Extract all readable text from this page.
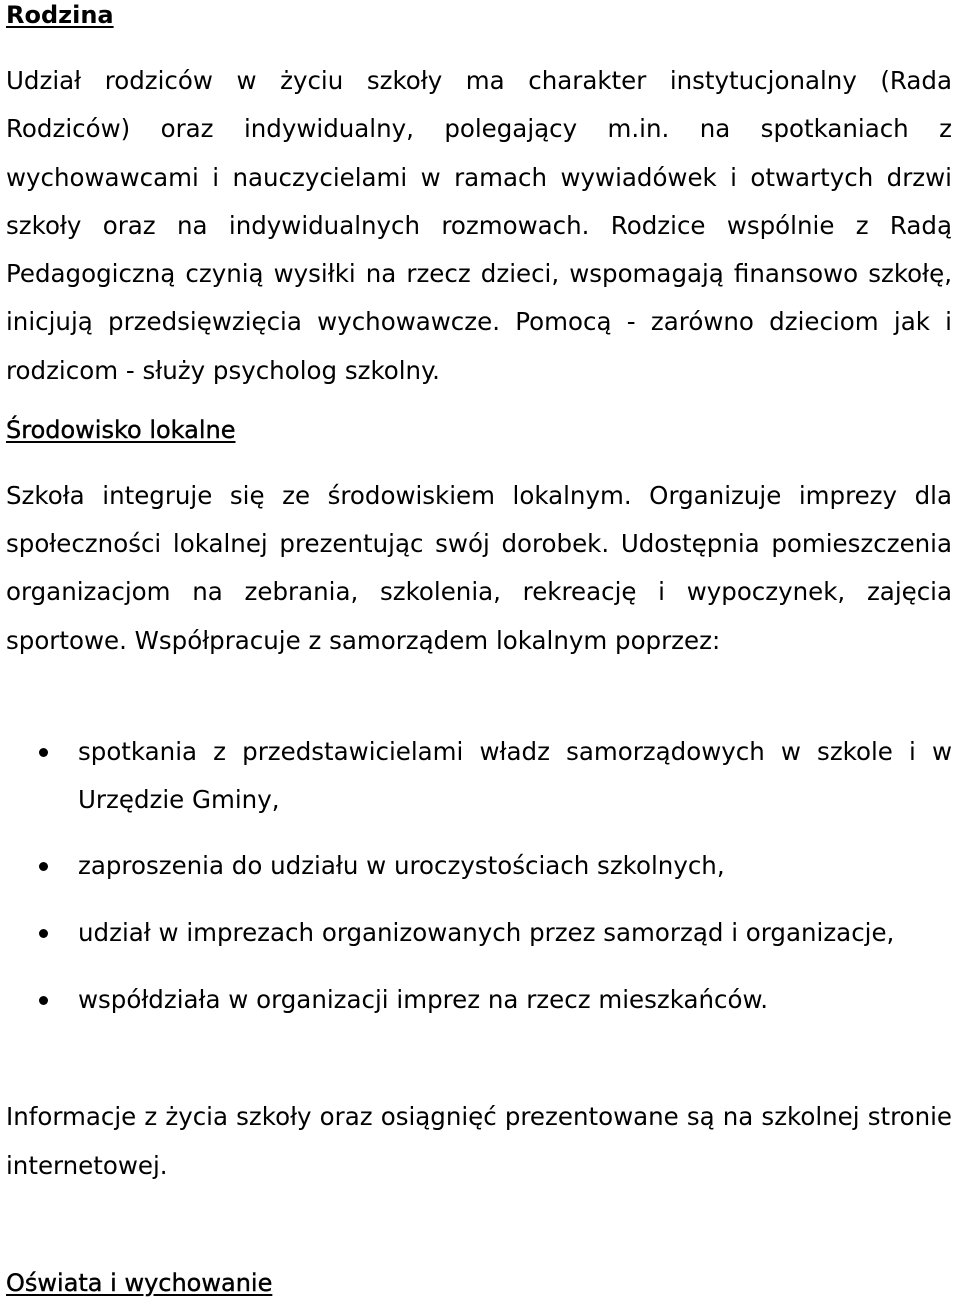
Rodzina

Udział rodziców w życiu szkoły ma charakter instytucjonalny (Rada Rodziców) oraz indywidualny, polegający m.in. na spotkaniach z wychowawcami i nauczycielami w ramach wywiadówek i otwartych drzwi szkoły oraz na indywidualnych rozmowach. Rodzice wspólnie z Radą Pedagogiczną czynią wysiłki na rzecz dzieci, wspomagają finansowo szkołę, inicjują przedsięwzięcia wychowawcze. Pomocą - zarówno dzieciom jak i rodzicom - służy psycholog szkolny.

Środowisko lokalne

Szkoła integruje się ze środowiskiem lokalnym. Organizuje imprezy dla społeczności lokalnej prezentując swój dorobek. Udostępnia pomieszczenia organizacjom na zebrania, szkolenia, rekreację i wypoczynek, zajęcia sportowe. Współpracuje z samorządem lokalnym poprzez:

spotkania z przedstawicielami władz samorządowych w szkole i w Urzędzie Gminy,
zaproszenia do udziału w uroczystościach szkolnych,
udział w imprezach organizowanych przez samorząd i organizacje,
współdziała w organizacji imprez na rzecz mieszkańców.

Informacje z życia szkoły oraz osiągnięć prezentowane są na szkolnej stronie internetowej.

Oświata i wychowanie
